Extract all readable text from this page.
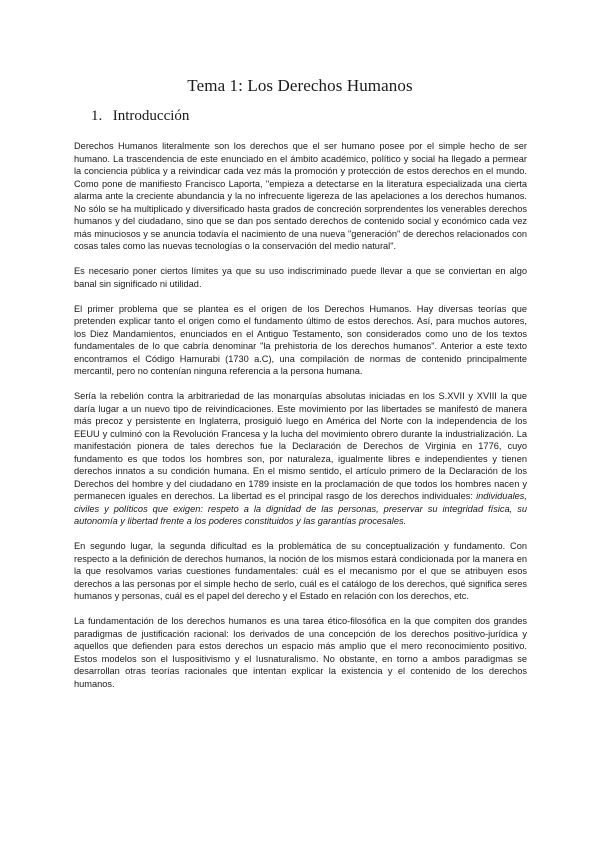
Tema 1: Los Derechos Humanos
1. Introducción

Derechos Humanos literalmente son los derechos que el ser humano posee por el simple hecho de ser humano. La trascendencia de este enunciado en el ámbito académico, político y social ha llegado a permear la conciencia pública y a reivindicar cada vez más la promoción y protección de estos derechos en el mundo. Como pone de manifiesto Francisco Laporta, "empieza a detectarse en la literatura especializada una cierta alarma ante la creciente abundancia y la no infrecuente ligereza de las apelaciones a los derechos humanos. No sólo se ha multiplicado y diversificado hasta grados de concreción sorprendentes los venerables derechos humanos y del ciudadano, sino que se dan pos sentado derechos de contenido social y económico cada vez más minuciosos y se anuncia todavía el nacimiento de una nueva "generación" de derechos relacionados con cosas tales como las nuevas tecnologías o la conservación del medio natural".

Es necesario poner ciertos límites ya que su uso indiscriminado puede llevar a que se conviertan en algo banal sin significado ni utilidad.

El primer problema que se plantea es el origen de los Derechos Humanos. Hay diversas teorías que pretenden explicar tanto el origen como el fundamento último de estos derechos. Así, para muchos autores, los Diez Mandamientos, enunciados en el Antiguo Testamento, son considerados como uno de los textos fundamentales de lo que cabría denominar "la prehistoria de los derechos humanos". Anterior a este texto encontramos el Código Hamurabi (1730 a.C), una compilación de normas de contenido principalmente mercantil, pero no contenían ninguna referencia a la persona humana.

Sería la rebelión contra la arbitrariedad de las monarquías absolutas iniciadas en los S.XVII y XVIII la que daría lugar a un nuevo tipo de reivindicaciones. Este movimiento por las libertades se manifestó de manera más precoz y persistente en Inglaterra, prosiguió luego en América del Norte con la independencia de los EEUU y culminó con la Revolución Francesa y la lucha del movimiento obrero durante la industrialización. La manifestación pionera de tales derechos fue la Declaración de Derechos de Virginia en 1776, cuyo fundamento es que todos los hombres son, por naturaleza, igualmente libres e independientes y tienen derechos innatos a su condición humana. En el mismo sentido, el artículo primero de la Declaración de los Derechos del hombre y del ciudadano en 1789 insiste en la proclamación de que todos los hombres nacen y permanecen iguales en derechos. La libertad es el principal rasgo de los derechos individuales: individuales, civiles y políticos que exigen: respeto a la dignidad de las personas, preservar su integridad física, su autonomía y libertad frente a los poderes constituidos y las garantías procesales.

En segundo lugar, la segunda dificultad es la problemática de su conceptualización y fundamento. Con respecto a la definición de derechos humanos, la noción de los mismos estará condicionada por la manera en la que resolvamos varias cuestiones fundamentales: cuál es el mecanismo por el que se atribuyen esos derechos a las personas por el simple hecho de serlo, cuál es el catálogo de los derechos, qué significa seres humanos y personas, cuál es el papel del derecho y el Estado en relación con los derechos, etc.

La fundamentación de los derechos humanos es una tarea ético-filosófica en la que compiten dos grandes paradigmas de justificación racional: los derivados de una concepción de los derechos positivo-jurídica y aquellos que defienden para estos derechos un espacio más amplio que el mero reconocimiento positivo. Estos modelos son el Iuspositivismo y el Iusnaturalismo. No obstante, en torno a ambos paradigmas se desarrollan otras teorías racionales que intentan explicar la existencia y el contenido de los derechos humanos.
